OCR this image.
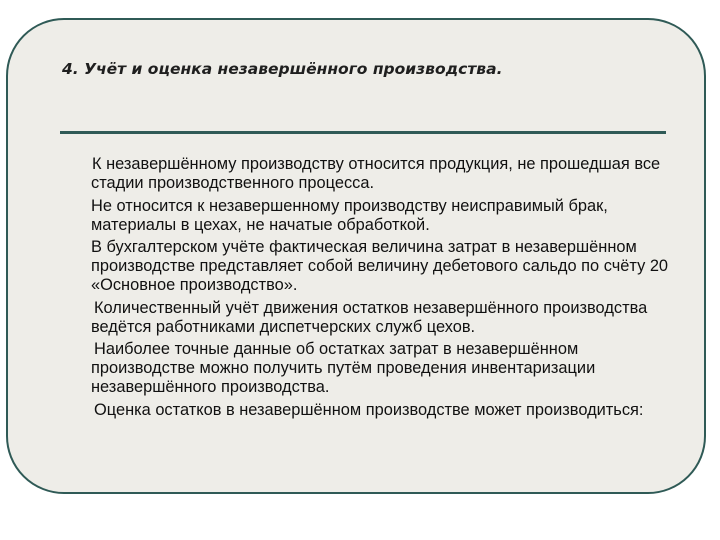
4. Учёт и оценка незавершённого производства.

К незавершённому производству относится продукция, не прошедшая все стадии производственного процесса.

Не относится к незавершенному производству неисправимый брак, материалы в цехах, не начатые обработкой.

В бухгалтерском учёте фактическая величина затрат в незавершённом производстве представляет собой величину дебетового сальдо по счёту 20 «Основное производство».

Количественный учёт движения остатков незавершённого производства ведётся работниками диспетчерских служб цехов.

Наиболее точные данные об остатках затрат в незавершённом производстве можно получить путём проведения инвентаризации незавершённого производства.

Оценка остатков в незавершённом производстве может производиться:
